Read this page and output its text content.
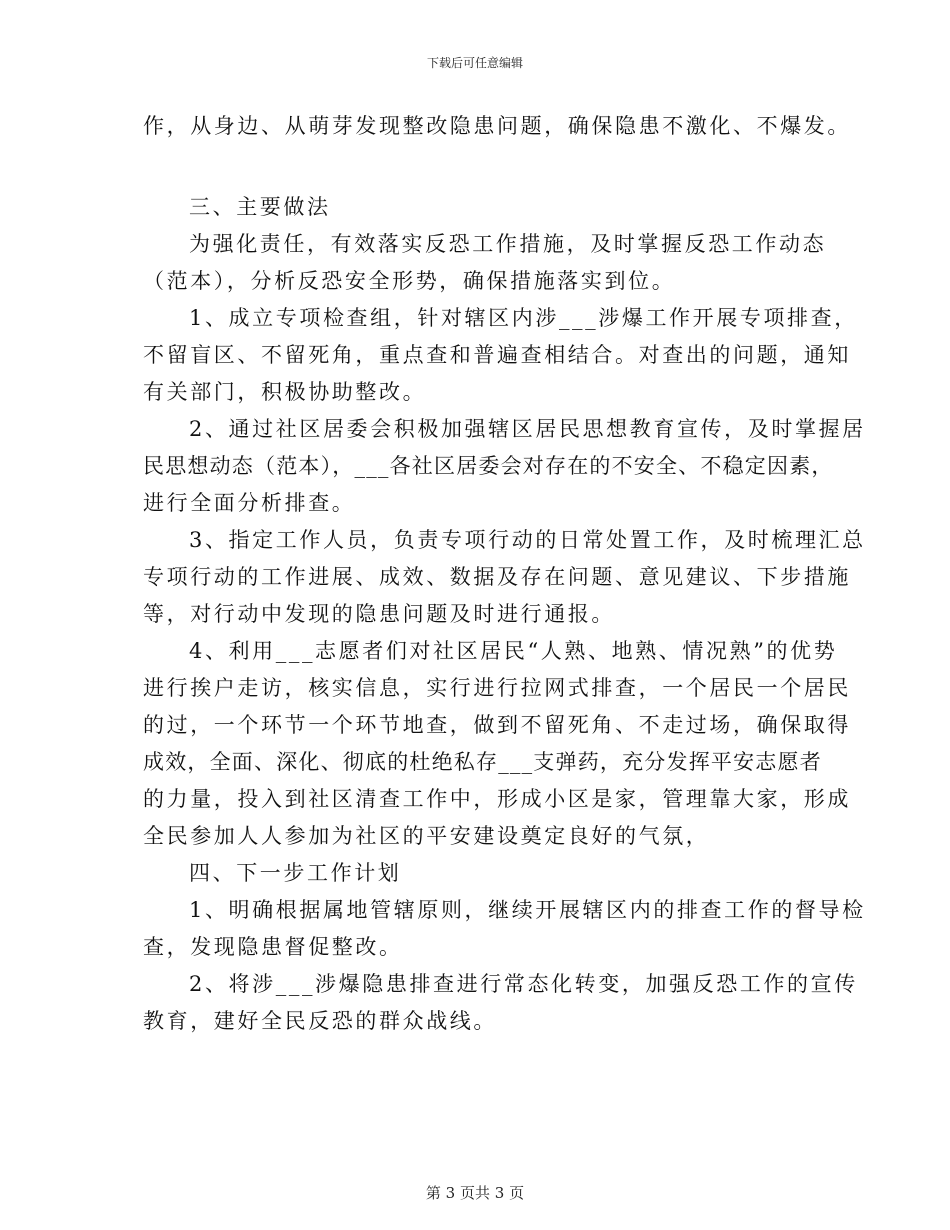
下载后可任意编辑
作，从身边、从萌芽发现整改隐患问题，确保隐患不激化、不爆发。
三、主要做法
为强化责任，有效落实反恐工作措施，及时掌握反恐工作动态
（范本），分析反恐安全形势，确保措施落实到位。
1、成立专项检查组，针对辖区内涉___涉爆工作开展专项排查，
不留盲区、不留死角，重点查和普遍查相结合。对查出的问题，通知
有关部门，积极协助整改。
2、通过社区居委会积极加强辖区居民思想教育宣传，及时掌握居
民思想动态（范本），___各社区居委会对存在的不安全、不稳定因素，
进行全面分析排查。
3、指定工作人员，负责专项行动的日常处置工作，及时梳理汇总
专项行动的工作进展、成效、数据及存在问题、意见建议、下步措施
等，对行动中发现的隐患问题及时进行通报。
4、利用___志愿者们对社区居民“人熟、地熟、情况熟”的优势
进行挨户走访，核实信息，实行进行拉网式排查，一个居民一个居民
的过，一个环节一个环节地查，做到不留死角、不走过场，确保取得
成效，全面、深化、彻底的杜绝私存___支弹药，充分发挥平安志愿者
的力量，投入到社区清查工作中，形成小区是家，管理靠大家，形成
全民参加人人参加为社区的平安建设奠定良好的气氛，
四、下一步工作计划
1、明确根据属地管辖原则，继续开展辖区内的排查工作的督导检
查，发现隐患督促整改。
2、将涉___涉爆隐患排查进行常态化转变，加强反恐工作的宣传
教育，建好全民反恐的群众战线。
第 3 页共 3 页
